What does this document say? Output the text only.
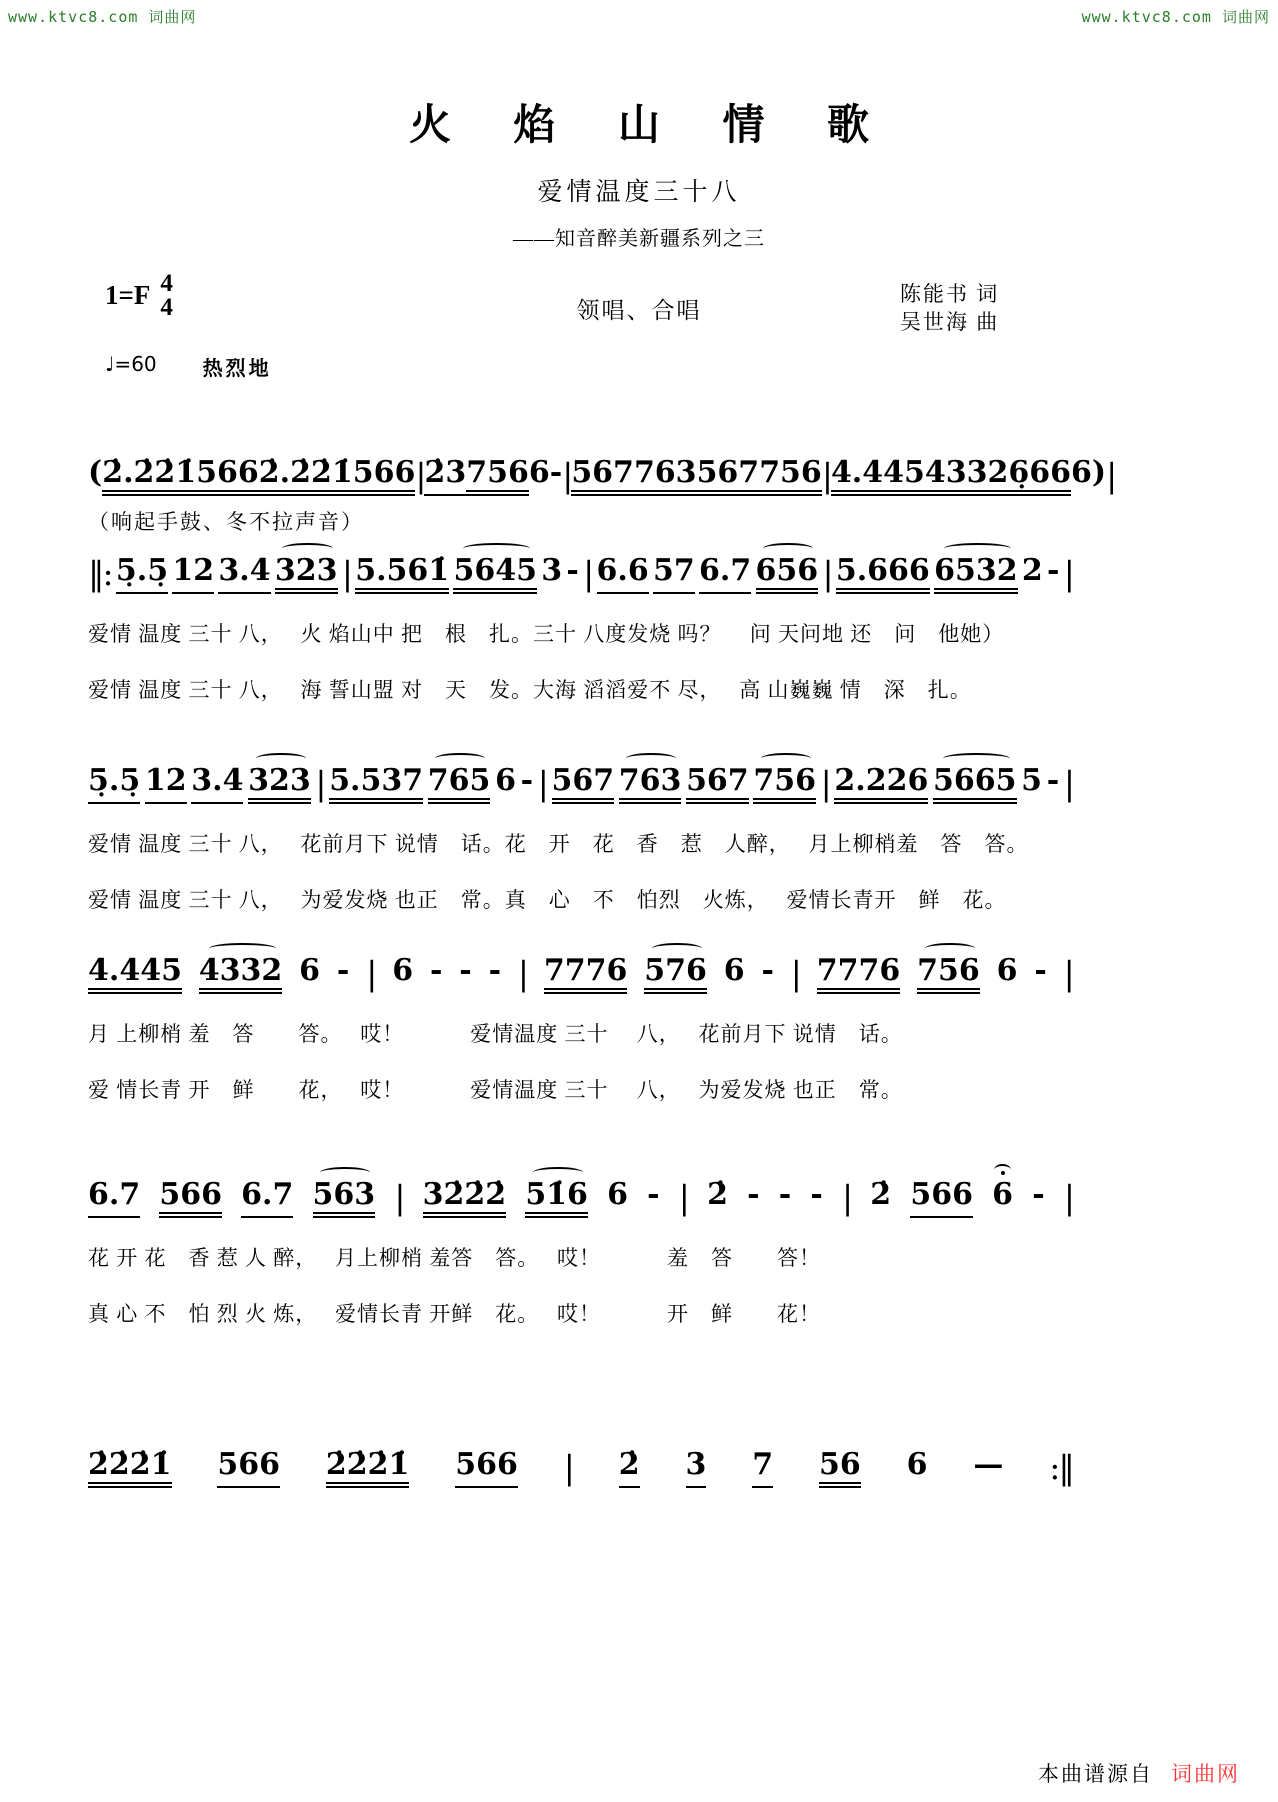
www.ktvc8.com 词曲网	www.ktvc8.com 词曲网
火 焰 山 情 歌
爱情温度三十八
——知音醉美新疆系列之三
1=F 4
4	领唱、合唱
陈能书 词
吴世海 曲
♩=60 热烈地
( 2̇.2̇2̇1̇ 566 2̇.2̇2̇1̇ 566 | 2̇3 756 6 - | 567 763 567 756 | 4.445 4332 6̣66 6 ) |
（响起手鼓、冬不拉声音）
‖: 5̣.5̣ 12 3.4 323 | 5.561̇ 5645 3 - | 6.6 57 6.7 656 | 5.666 6532 2 - |
爱情 温度 三十 八，　 火 焰山中 把　根　扎。三十 八度发烧 吗？　 问 天问地 还　问　他她）
爱情 温度 三十 八，　 海 誓山盟 对　天　发。大海 滔滔爱不 尽，　 高 山巍巍 情　深　扎。
5̣.5̣ 12 3.4 323 | 5.537 765 6 - | 567 763 567 756 | 2.226 5665 5 - |
爱情 温度 三十 八，　 花前月下 说情　话。花　开　花　香　惹　人醉，　 月上柳梢羞　答　答。
爱情 温度 三十 八，　 为爱发烧 也正　常。真　心　不　怕烈　火炼，　 爱情长青开　鲜　花。
4.445 4332 6 - | 6 - - - | 7776 576 6 - | 7776 756 6 - |
月 上柳梢 羞　答　　答。　 哎！　　　爱情温度 三十　 八，　 花前月下 说情　话。
爱 情长青 开　鲜　　花，　 哎！　　　爱情温度 三十　 八，　 为爱发烧 也正　常。
6.7 566 6.7 563 | 32̇2̇2̇ 51̇6 6 - | 2̇ - - - | 2̇ 566 6 - |
花 开 花　香 惹 人 醉，　 月上柳梢 羞答　答。　 哎！　　　羞　答　　答！
真 心 不　怕 烈 火 炼，　 爱情长青 开鲜　花。　 哎！　　　开　鲜　　花！
2̇2̇2̇1̇ 566 2̇2̇2̇1̇ 566 | 2̇ 3 7 56 6 — :‖
本曲谱源自 词曲网
